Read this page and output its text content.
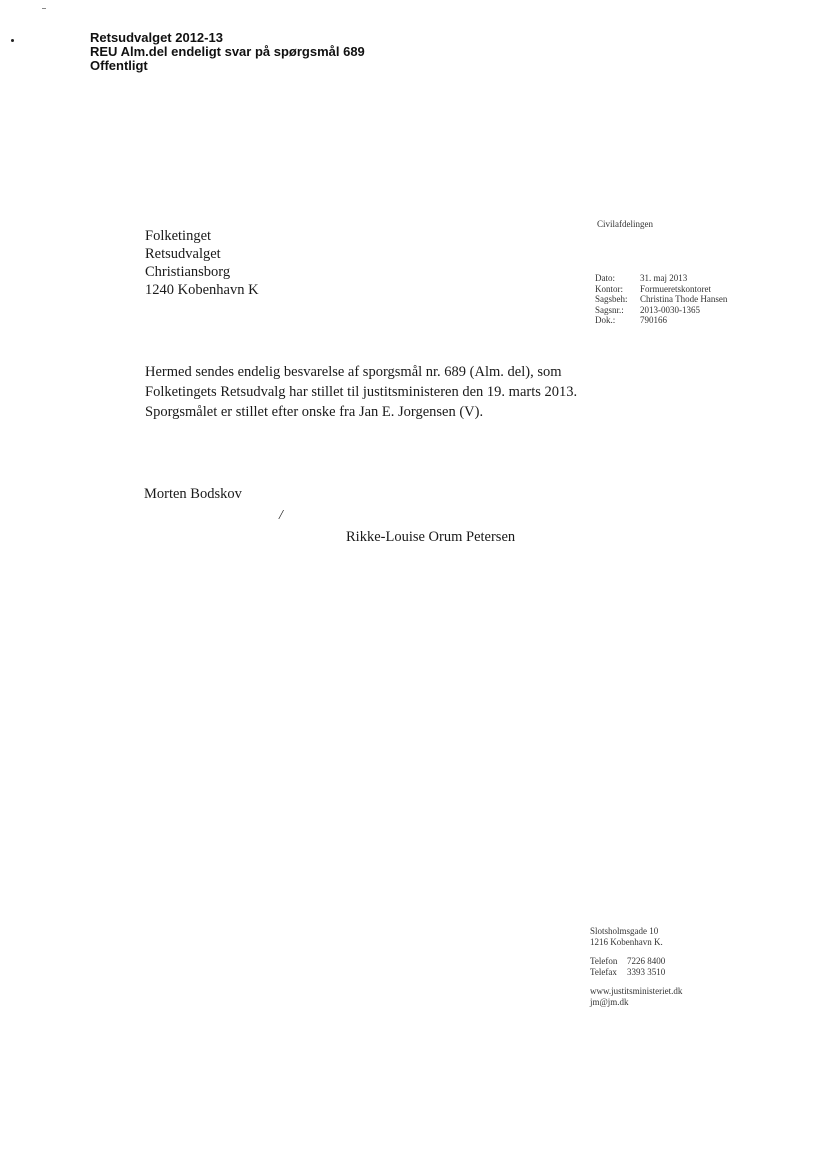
Retsudvalget 2012-13
REU Alm.del endeligt svar på spørgsmål 689
Offentligt
Folketinget
Retsudvalget
Christiansborg
1240 Kobenhavn K
Civilafdelingen
Dato:	31. maj 2013
Kontor:	Formueretskontoret
Sagsbeh:	Christina Thode Hansen
Sagsnr.:	2013-0030-1365
Dok.:	790166
Hermed sendes endelig besvarelse af sporgsmål nr. 689 (Alm. del), som
Folketingets Retsudvalg har stillet til justitsministeren den 19. marts 2013.
Sporgsmålet er stillet efter onske fra Jan E. Jorgensen (V).
Morten Bodskov
/
Rikke-Louise Orum Petersen
Slotsholmsgade 10
1216 Kobenhavn K.
Telefon 7226 8400
Telefax 3393 3510
www.justitsministeriet.dk
jm@jm.dk
